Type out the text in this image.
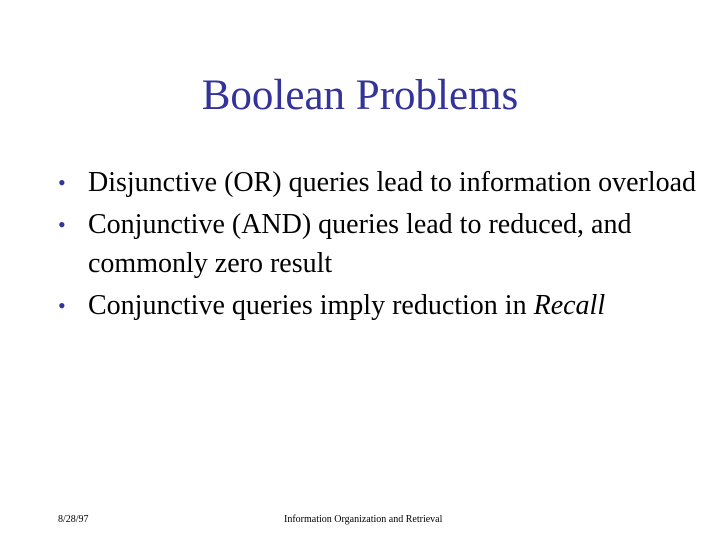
Boolean Problems
• Disjunctive (OR) queries lead to information overload
• Conjunctive (AND) queries lead to reduced, and commonly zero result
• Conjunctive queries imply reduction in Recall
8/28/97	Information Organization and Retrieval
